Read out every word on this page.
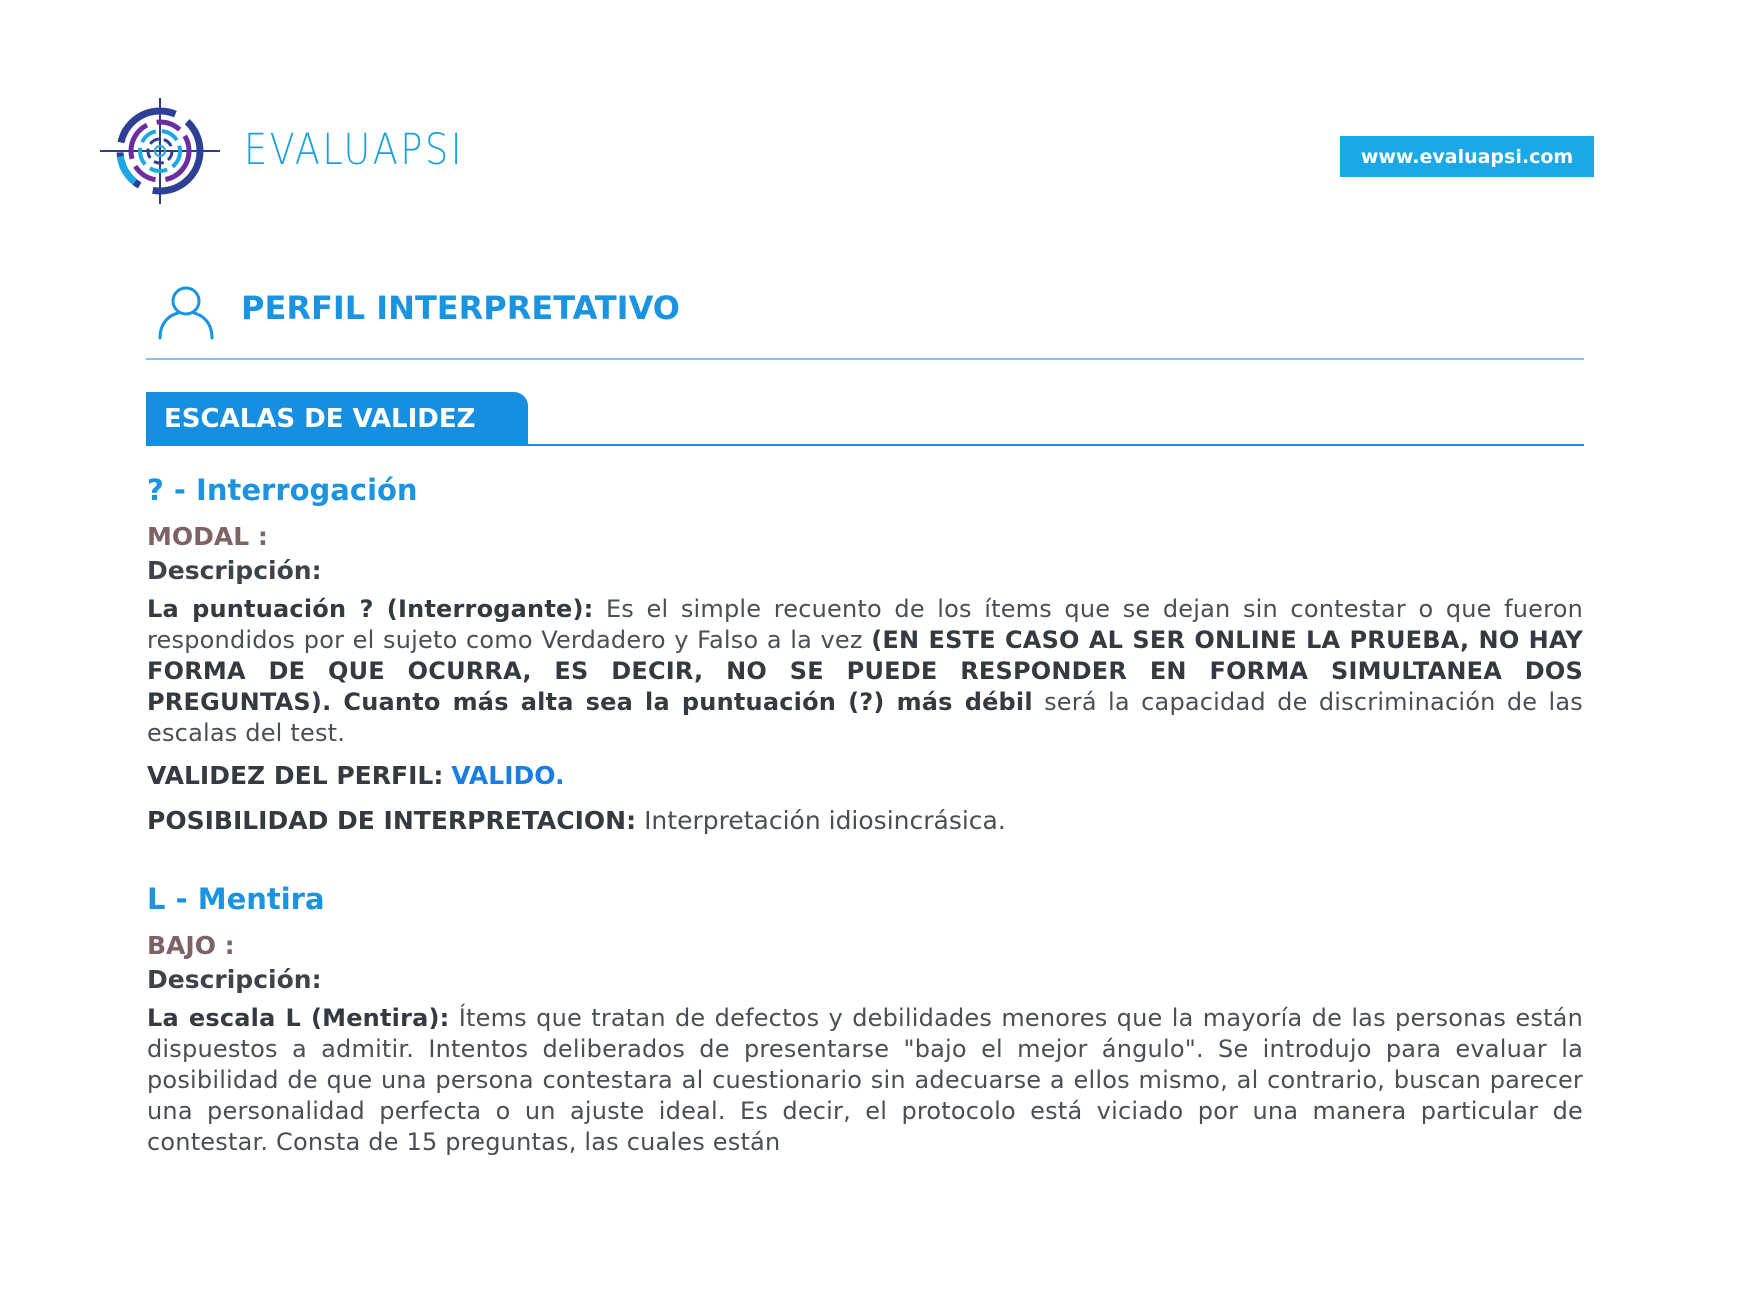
EVALUAPSI	www.evaluapsi.com
PERFIL INTERPRETATIVO
ESCALAS DE VALIDEZ
? - Interrogación
MODAL :
Descripción:

La puntuación ? (Interrogante): Es el simple recuento de los ítems que se dejan sin contestar o que fueron respondidos por el sujeto como Verdadero y Falso a la vez (EN ESTE CASO AL SER ONLINE LA PRUEBA, NO HAY FORMA DE QUE OCURRA, ES DECIR, NO SE PUEDE RESPONDER EN FORMA SIMULTANEA DOS PREGUNTAS). Cuanto más alta sea la puntuación (?) más débil será la capacidad de discriminación de las escalas del test.

VALIDEZ DEL PERFIL: VALIDO.
POSIBILIDAD DE INTERPRETACION: Interpretación idiosincrásica.
L - Mentira
BAJO :
Descripción:

La escala L (Mentira): Ítems que tratan de defectos y debilidades menores que la mayoría de las personas están dispuestos a admitir. Intentos deliberados de presentarse "bajo el mejor ángulo". Se introdujo para evaluar la posibilidad de que una persona contestara al cuestionario sin adecuarse a ellos mismo, al contrario, buscan parecer una personalidad perfecta o un ajuste ideal. Es decir, el protocolo está viciado por una manera particular de contestar. Consta de 15 preguntas, las cuales están
